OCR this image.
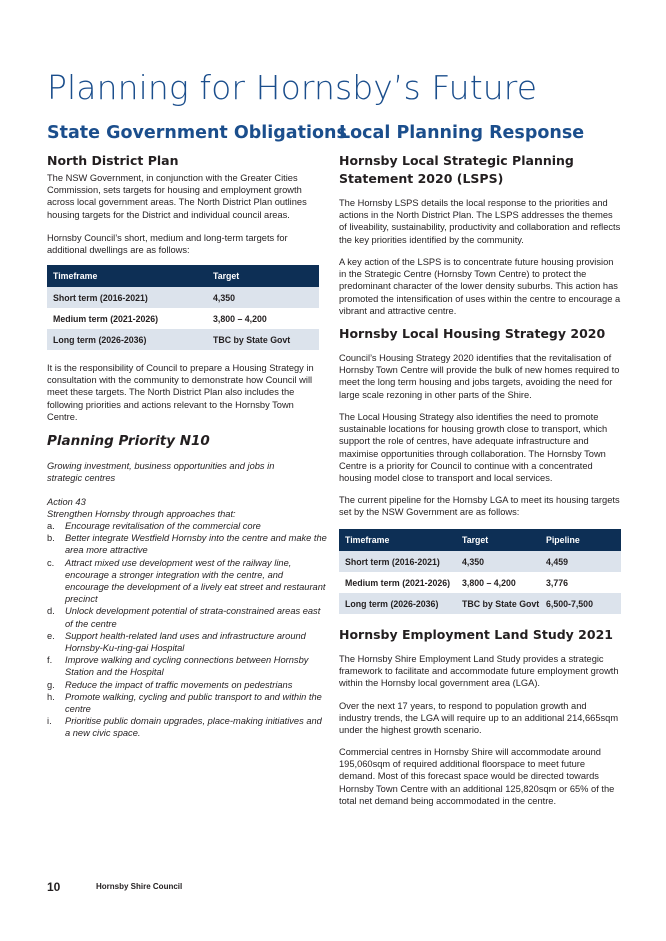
Planning for Hornsby’s Future
State Government Obligations
North District Plan

The NSW Government, in conjunction with the Greater Cities Commission, sets targets for housing and employment growth across local government areas. The North District Plan outlines housing targets for the District and individual council areas.

Hornsby Council’s short, medium and long-term targets for additional dwellings are as follows:

Timeframe	Target
Short term (2016-2021)	4,350
Medium term (2021-2026)	3,800 – 4,200
Long term (2026-2036)	TBC by State Govt

It is the responsibility of Council to prepare a Housing Strategy in consultation with the community to demonstrate how Council will meet these targets. The North District Plan also includes the following priorities and actions relevant to the Hornsby Town Centre.

Planning Priority N10

Growing investment, business opportunities and jobs in strategic centres

Action 43

Strengthen Hornsby through approaches that:

a. Encourage revitalisation of the commercial core
b. Better integrate Westfield Hornsby into the centre and make the area more attractive
c. Attract mixed use development west of the railway line, encourage a stronger integration with the centre, and encourage the development of a lively eat street and restaurant precinct
d. Unlock development potential of strata-constrained areas east of the centre
e. Support health-related land uses and infrastructure around Hornsby-Ku-ring-gai Hospital
f. Improve walking and cycling connections between Hornsby Station and the Hospital
g. Reduce the impact of traffic movements on pedestrians
h. Promote walking, cycling and public transport to and within the centre
i. Prioritise public domain upgrades, place-making initiatives and a new civic space.
Local Planning Response
Hornsby Local Strategic Planning Statement 2020 (LSPS)

The Hornsby LSPS details the local response to the priorities and actions in the North District Plan. The LSPS addresses the themes of liveability, sustainability, productivity and collaboration and reflects the key priorities identified by the community.

A key action of the LSPS is to concentrate future housing provision in the Strategic Centre (Hornsby Town Centre) to protect the predominant character of the lower density suburbs. This action has promoted the intensification of uses within the centre to encourage a vibrant and attractive centre.

Hornsby Local Housing Strategy 2020

Council’s Housing Strategy 2020 identifies that the revitalisation of Hornsby Town Centre will provide the bulk of new homes required to meet the long term housing and jobs targets, avoiding the need for large scale rezoning in other parts of the Shire.

The Local Housing Strategy also identifies the need to promote sustainable locations for housing growth close to transport, which support the role of centres, have adequate infrastructure and maximise opportunities through collaboration. The Hornsby Town Centre is a priority for Council to continue with a concentrated housing model close to transport and local services.

The current pipeline for the Hornsby LGA to meet its housing targets set by the NSW Government are as follows:

Timeframe	Target	Pipeline
Short term (2016-2021)	4,350	4,459
Medium term (2021-2026)	3,800 – 4,200	3,776
Long term (2026-2036)	TBC by State Govt	6,500-7,500
Hornsby Employment Land Study 2021

The Hornsby Shire Employment Land Study provides a strategic framework to facilitate and accommodate future employment growth within the Hornsby local government area (LGA).

Over the next 17 years, to respond to population growth and industry trends, the LGA will require up to an additional 214,665sqm under the highest growth scenario.

Commercial centres in Hornsby Shire will accommodate around 195,060sqm of required additional floorspace to meet future demand. Most of this forecast space would be directed towards Hornsby Town Centre with an additional 125,820sqm or 65% of the total net demand being accommodated in the centre.

10	Hornsby Shire Council
